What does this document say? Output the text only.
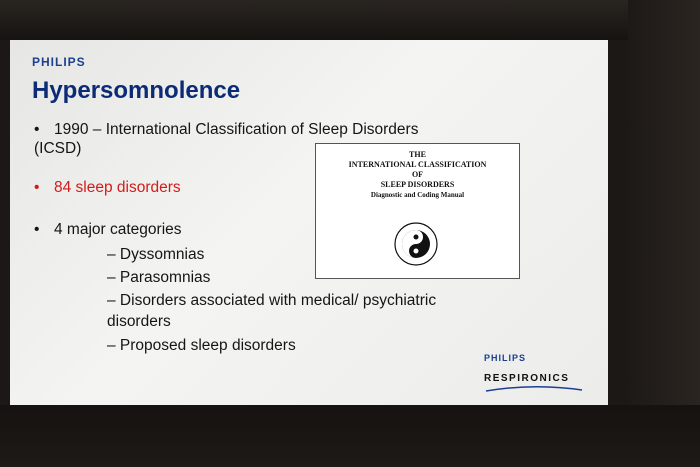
PHILIPS
Hypersomnolence
• 1990 – International Classification of Sleep Disorders
(ICSD)
• 84 sleep disorders
• 4 major categories
– Dyssomnias
– Parasomnias
– Disorders associated with medical/ psychiatric
disorders
– Proposed sleep disorders
THE
INTERNATIONAL CLASSIFICATION
OF
SLEEP DISORDERS
Diagnostic and Coding Manual
PHILIPS
RESPIRONICS
